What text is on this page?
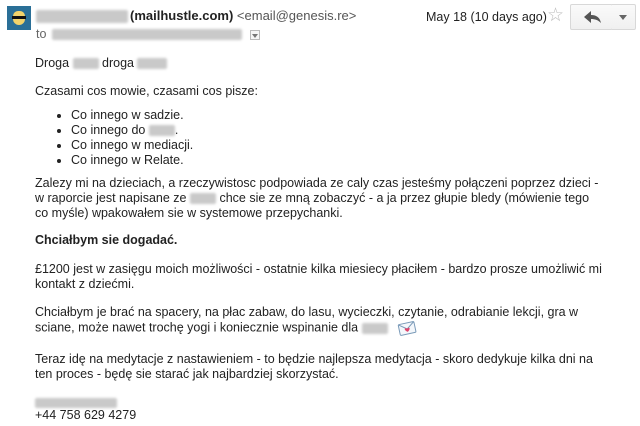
(mailhustle.com) <email@genesis.re>	May 18 (10 days ago) ☆
to

Droga	droga

Czasami cos mowie, czasami cos pisze:

• Co innego w sadzie.
• Co innego do .
• Co innego w mediacji.
• Co innego w Relate.

Zalezy mi na dzieciach, a rzeczywistosc podpowiada ze caly czas jesteśmy połączeni poprzez dzieci - w raporcie jest napisane ze	chce sie ze mną zobaczyć - a ja przez głupie bledy (mówienie tego co myśle) wpakowałem sie w systemowe przepychanki.

Chciałbym sie dogadać.

£1200 jest w zasięgu moich możliwości - ostatnie kilka miesiecy płaciłem - bardzo prosze umożliwić mi kontakt z dziećmi.

Chciałbym je brać na spacery, na płac zabaw, do lasu, wycieczki, czytanie, odrabianie lekcji, gra w sciane, może nawet trochę yogi i koniecznie wspinanie dla

Teraz idę na medytacje z nastawieniem - to będzie najlepsza medytacja - skoro dedykuje kilka dni na ten proces - będę sie starać jak najbardziej skorzystać.

+44 758 629 4279
